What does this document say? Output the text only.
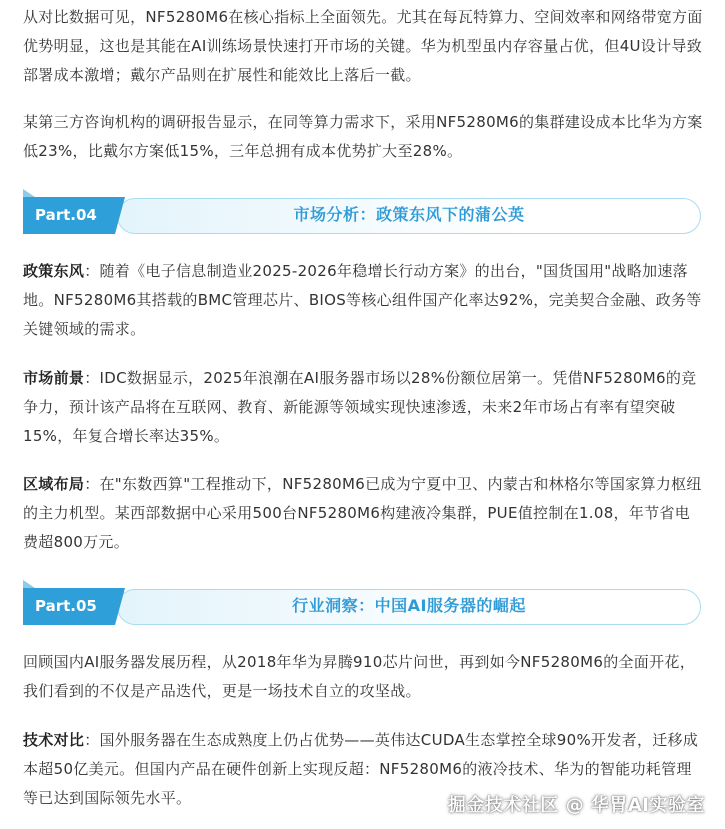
从对比数据可见，NF5280M6在核心指标上全面领先。尤其在每瓦特算力、空间效率和网络带宽方面优势明显，这也是其能在AI训练场景快速打开市场的关键。华为机型虽内存容量占优，但4U设计导致部署成本激增；戴尔产品则在扩展性和能效比上落后一截。

某第三方咨询机构的调研报告显示，在同等算力需求下，采用NF5280M6的集群建设成本比华为方案低23%，比戴尔方案低15%，三年总拥有成本优势扩大至28%。

Part.04	市场分析：政策东风下的蒲公英

政策东风：随着《电子信息制造业2025-2026年稳增长行动方案》的出台，"国货国用"战略加速落地。NF5280M6其搭载的BMC管理芯片、BIOS等核心组件国产化率达92%，完美契合金融、政务等关键领域的需求。

市场前景：IDC数据显示，2025年浪潮在AI服务器市场以28%份额位居第一。凭借NF5280M6的竞争力，预计该产品将在互联网、教育、新能源等领域实现快速渗透，未来2年市场占有率有望突破15%，年复合增长率达35%。

区域布局：在"东数西算"工程推动下，NF5280M6已成为宁夏中卫、内蒙古和林格尔等国家算力枢纽的主力机型。某西部数据中心采用500台NF5280M6构建液冷集群，PUE值控制在1.08，年节省电费超800万元。

Part.05	行业洞察：中国AI服务器的崛起

回顾国内AI服务器发展历程，从2018年华为昇腾910芯片问世，再到如今NF5280M6的全面开花，我们看到的不仅是产品迭代，更是一场技术自立的攻坚战。

技术对比：国外服务器在生态成熟度上仍占优势——英伟达CUDA生态掌控全球90%开发者，迁移成本超50亿美元。但国内产品在硬件创新上实现反超：NF5280M6的液冷技术、华为的智能功耗管理等已达到国际领先水平。	掘金技术社区 @ 华胃AI实验室
